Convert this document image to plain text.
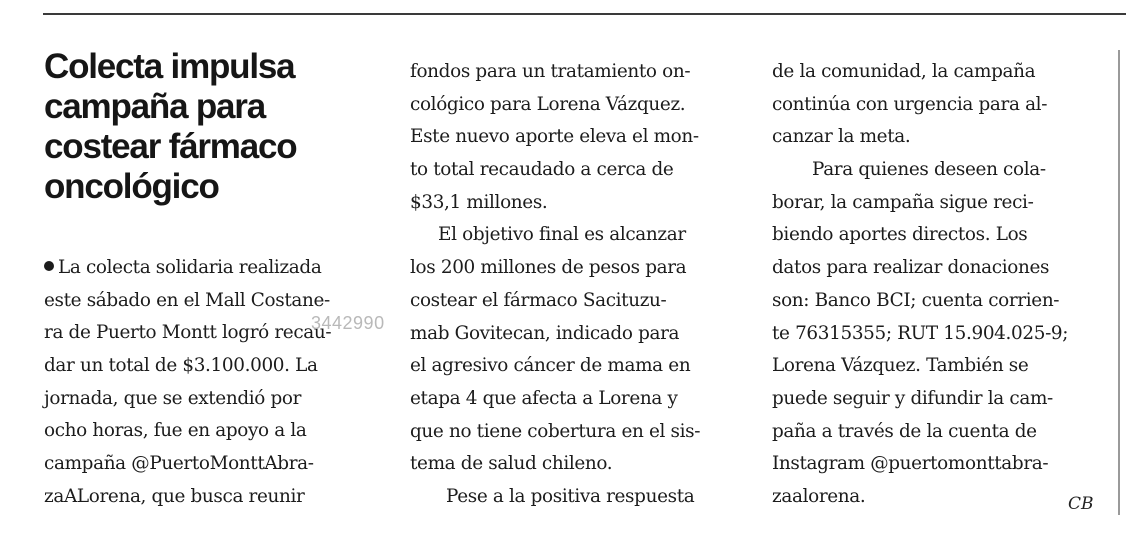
Colecta impulsa
campaña para
costear fármaco
oncológico
La colecta solidaria realizada
este sábado en el Mall Costane-
ra de Puerto Montt logró recau-
dar un total de $3.100.000. La
jornada, que se extendió por
ocho horas, fue en apoyo a la
campaña @PuertoMonttAbra-
zaALorena, que busca reunir
fondos para un tratamiento on-
cológico para Lorena Vázquez.
Este nuevo aporte eleva el mon-
to total recaudado a cerca de
$33,1 millones.
El objetivo final es alcanzar
los 200 millones de pesos para
costear el fármaco Sacituzu-
mab Govitecan, indicado para
el agresivo cáncer de mama en
etapa 4 que afecta a Lorena y
que no tiene cobertura en el sis-
tema de salud chileno.
Pese a la positiva respuesta
de la comunidad, la campaña
continúa con urgencia para al-
canzar la meta.
Para quienes deseen cola-
borar, la campaña sigue reci-
biendo aportes directos. Los
datos para realizar donaciones
son: Banco BCI; cuenta corrien-
te 76315355; RUT 15.904.025-9;
Lorena Vázquez. También se
puede seguir y difundir la cam-
paña a través de la cuenta de
Instagram @puertomonttabra-
zaalorena.
3442990
CB
